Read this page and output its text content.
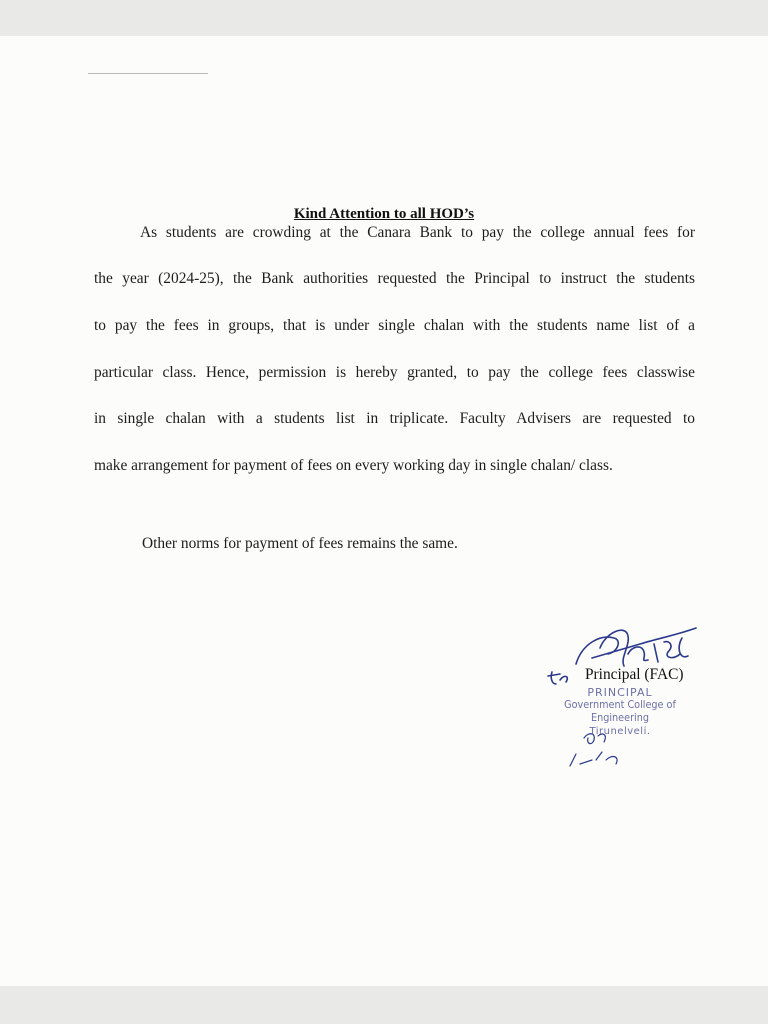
Kind Attention to all HOD’s
As students are crowding at the Canara Bank to pay the college annual fees for
the year (2024-25), the Bank authorities requested the Principal to instruct the students
to pay the fees in groups, that is under single chalan with the students name list of a
particular class. Hence, permission is hereby granted, to pay the college fees classwise
in single chalan with a students list in triplicate. Faculty Advisers are requested to
make arrangement for payment of fees on every working day in single chalan/ class.
Other norms for payment of fees remains the same.
Principal (FAC)
PRINCIPAL
Government College of Engineering
Tirunelveli.
